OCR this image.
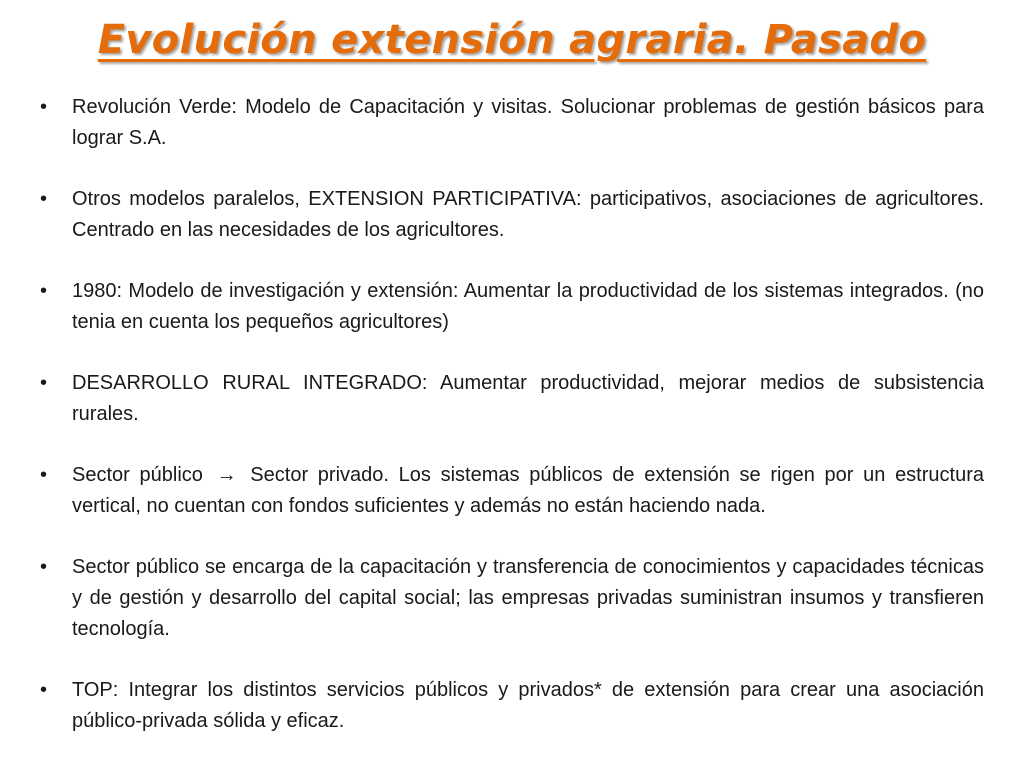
Evolución extensión agraria. Pasado
•	Revolución Verde: Modelo de Capacitación y visitas. Solucionar problemas de gestión básicos para lograr S.A.
•	Otros modelos paralelos, EXTENSION PARTICIPATIVA: participativos, asociaciones de agricultores. Centrado en las necesidades de los agricultores.
•	1980: Modelo de investigación y extensión: Aumentar la productividad de los sistemas integrados. (no tenia en cuenta los pequeños agricultores)
•	DESARROLLO RURAL INTEGRADO: Aumentar productividad, mejorar medios de subsistencia rurales.
•	Sector público → Sector privado. Los sistemas públicos de extensión se rigen por un estructura vertical, no cuentan con fondos suficientes y además no están haciendo nada.
•	Sector público se encarga de la capacitación y transferencia de conocimientos y capacidades técnicas y de gestión y desarrollo del capital social; las empresas privadas suministran insumos y transfieren tecnología.
•	TOP: Integrar los distintos servicios públicos y privados* de extensión para crear una asociación público-privada sólida y eficaz.
